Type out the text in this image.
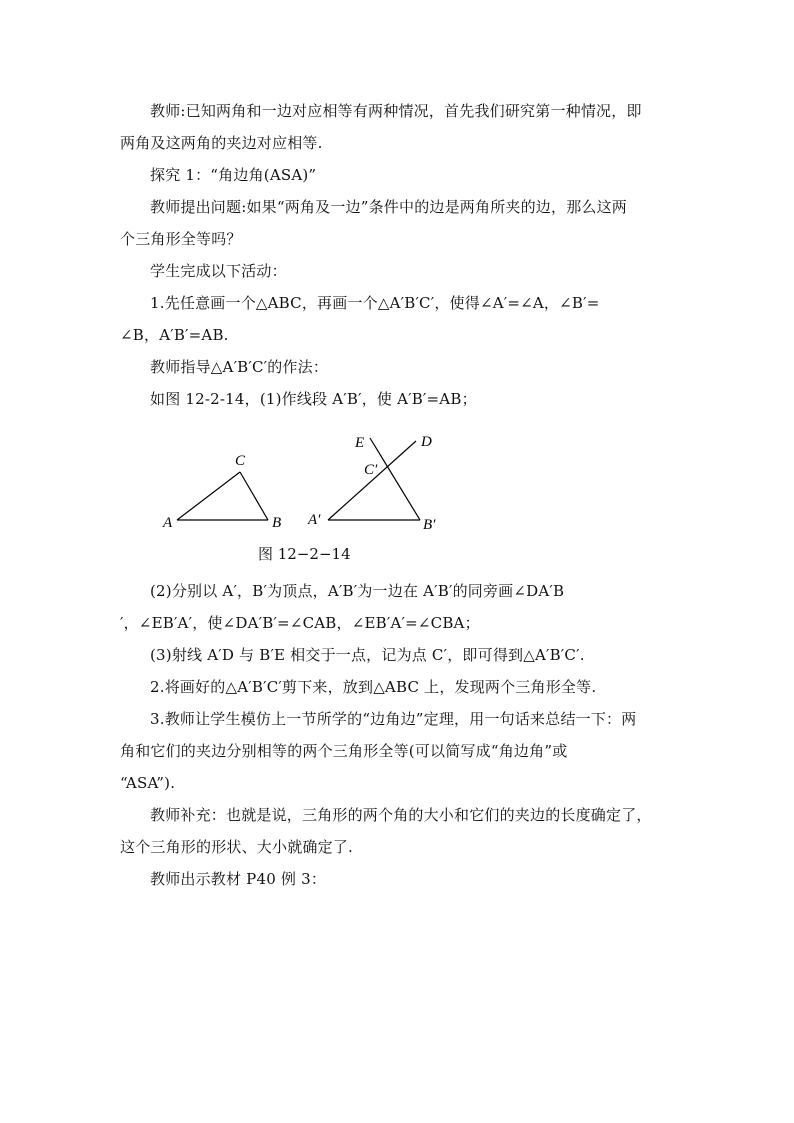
教师:已知两角和一边对应相等有两种情况，首先我们研究第一种情况，即
两角及这两角的夹边对应相等.
探究 1：“角边角(ASA)”
教师提出问题:如果“两角及一边”条件中的边是两角所夹的边，那么这两
个三角形全等吗？
学生完成以下活动：
1.先任意画一个△ABC，再画一个△A′B′C′，使得∠A′=∠A，∠B′=
∠B，A′B′=AB.
教师指导△A′B′C′的作法：
如图 12-2-14，(1)作线段 A′B′，使 A′B′=AB；
A	B
C
A′	B′
C′
D
E
图 12−2−14
(2)分别以 A′，B′为顶点，A′B′为一边在 A′B′的同旁画∠DA′B
′，∠EB′A′，使∠DA′B′=∠CAB，∠EB′A′=∠CBA；
(3)射线 A′D 与 B′E 相交于一点，记为点 C′，即可得到△A′B′C′.
2.将画好的△A′B′C′剪下来，放到△ABC 上，发现两个三角形全等.
3.教师让学生模仿上一节所学的“边角边”定理，用一句话来总结一下：两
角和它们的夹边分别相等的两个三角形全等(可以简写成“角边角”或
“ASA”).
教师补充：也就是说，三角形的两个角的大小和它们的夹边的长度确定了，
这个三角形的形状、大小就确定了.
教师出示教材 P40 例 3：
